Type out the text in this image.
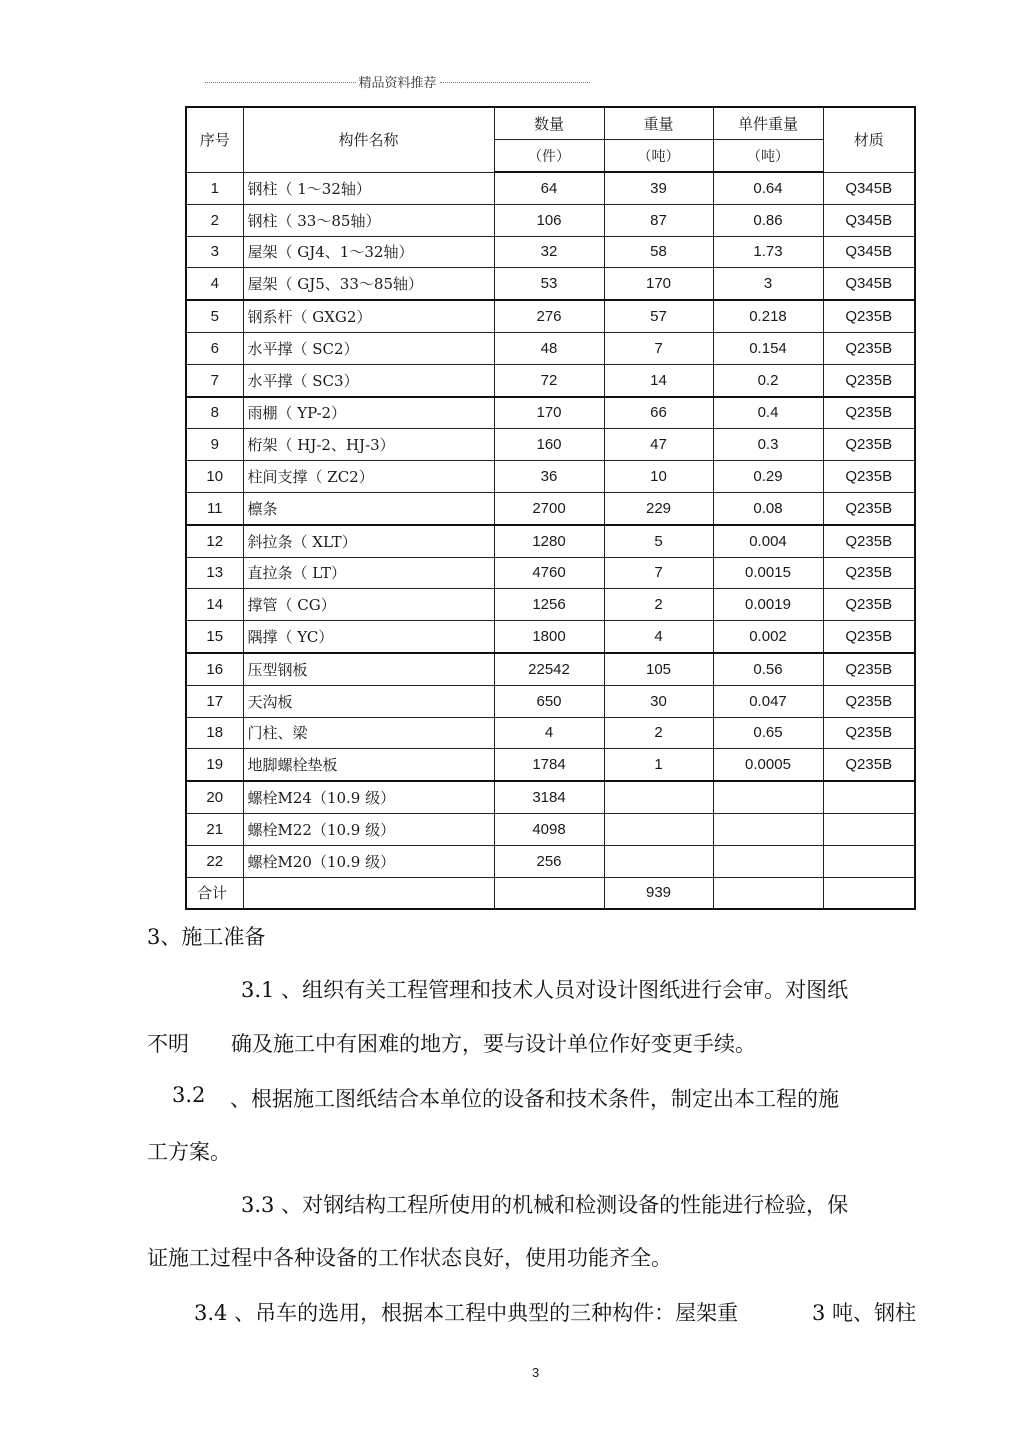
精品资料推荐
序号	构件名称	数量	重量	单件重量	材质
		（件）	（吨）	（吨）	
1	钢柱（ 1～32轴）	64	39	0.64	Q345B
2	钢柱（ 33～85轴）	106	87	0.86	Q345B
3	屋架（ GJ4、1～32轴）	32	58	1.73	Q345B
4	屋架（ GJ5、33～85轴）	53	170	3	Q345B
5	钢系杆（ GXG2）	276	57	0.218	Q235B
6	水平撑（ SC2）	48	7	0.154	Q235B
7	水平撑（ SC3）	72	14	0.2	Q235B
8	雨棚（ YP-2）	170	66	0.4	Q235B
9	桁架（ HJ-2、HJ-3）	160	47	0.3	Q235B
10	柱间支撑（ ZC2）	36	10	0.29	Q235B
11	檩条	2700	229	0.08	Q235B
12	斜拉条（ XLT）	1280	5	0.004	Q235B
13	直拉条（ LT）	4760	7	0.0015	Q235B
14	撑管（ CG）	1256	2	0.0019	Q235B
15	隅撑（ YC）	1800	4	0.002	Q235B
16	压型钢板	22542	105	0.56	Q235B
17	天沟板	650	30	0.047	Q235B
18	门柱、梁	4	2	0.65	Q235B
19	地脚螺栓垫板	1784	1	0.0005	Q235B
20	螺栓M24（10.9 级）	3184			
21	螺栓M22（10.9 级）	4098			
22	螺栓M20（10.9 级）	256			
合计			939		
3、施工准备
3.1 、组织有关工程管理和技术人员对设计图纸进行会审。对图纸
不明 确及施工中有困难的地方，要与设计单位作好变更手续。
3.2 、根据施工图纸结合本单位的设备和技术条件，制定出本工程的施
工方案。
3.3 、对钢结构工程所使用的机械和检测设备的性能进行检验，保
证施工过程中各种设备的工作状态良好，使用功能齐全。
3.4 、吊车的选用，根据本工程中典型的三种构件：屋架重	3 吨、钢柱
3
